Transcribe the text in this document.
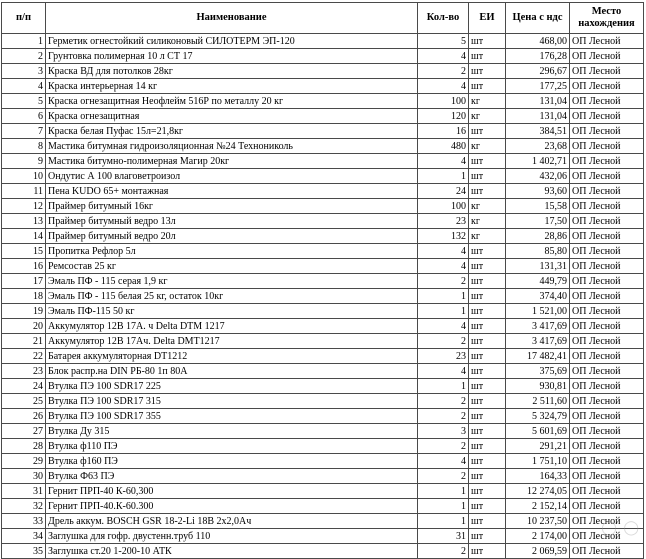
п/п	Наименование	Кол-во	ЕИ	Цена с ндс	Место нахождения
1	Герметик огнестойкий силиконовый СИЛОТЕРМ ЭП-120	5	шт	468,00	ОП Лесной
2	Грунтовка полимерная 10 л СТ 17	4	шт	176,28	ОП Лесной
3	Краска ВД для потолков 28кг	2	шт	296,67	ОП Лесной
4	Краска интерьерная 14 кг	4	шт	177,25	ОП Лесной
5	Краска огнезащитная Неофлейм 516Р по металлу 20 кг	100	кг	131,04	ОП Лесной
6	Краска огнезащитная	120	кг	131,04	ОП Лесной
7	Краска белая Пуфас 15л=21,8кг	16	шт	384,51	ОП Лесной
8	Мастика битумная гидроизоляционная №24 Технониколь	480	кг	23,68	ОП Лесной
9	Мастика битумно-полимерная Магир 20кг	4	шт	1 402,71	ОП Лесной
10	Ондутис А 100 влаговетроизол	1	шт	432,06	ОП Лесной
11	Пена KUDO 65+ монтажная	24	шт	93,60	ОП Лесной
12	Праймер битумный 16кг	100	кг	15,58	ОП Лесной
13	Праймер битумный ведро 13л	23	кг	17,50	ОП Лесной
14	Праймер битумный ведро 20л	132	кг	28,86	ОП Лесной
15	Пропитка Рефлор 5л	4	шт	85,80	ОП Лесной
16	Ремсостав 25 кг	4	шт	131,31	ОП Лесной
17	Эмаль ПФ - 115 серая 1,9 кг	2	шт	449,79	ОП Лесной
18	Эмаль ПФ - 115 белая 25 кг, остаток 10кг	1	шт	374,40	ОП Лесной
19	Эмаль ПФ-115 50 кг	1	шт	1 521,00	ОП Лесной
20	Аккумулятор 12В 17А. ч Delta DTM 1217	4	шт	3 417,69	ОП Лесной
21	Аккумулятор 12В 17Ач. Delta DMT1217	2	шт	3 417,69	ОП Лесной
22	Батарея аккумуляторная DT1212	23	шт	17 482,41	ОП Лесной
23	Блок распр.на DIN РБ-80 1п 80А	4	шт	375,69	ОП Лесной
24	Втулка ПЭ 100 SDR17 225	1	шт	930,81	ОП Лесной
25	Втулка ПЭ 100 SDR17 315	2	шт	2 511,60	ОП Лесной
26	Втулка ПЭ 100 SDR17 355	2	шт	5 324,79	ОП Лесной
27	Втулка Ду 315	3	шт	5 601,69	ОП Лесной
28	Втулка ф110 ПЭ	2	шт	291,21	ОП Лесной
29	Втулка ф160 ПЭ	4	шт	1 751,10	ОП Лесной
30	Втулка Ф63 ПЭ	2	шт	164,33	ОП Лесной
31	Гернит ПРП-40 К-60,300	1	шт	12 274,05	ОП Лесной
32	Гернит ПРП-40.К-60.300	1	шт	2 152,14	ОП Лесной
33	Дрель аккум. BOSCH GSR 18-2-Li 18В 2х2,0Ач	1	шт	10 237,50	ОП Лесной
34	Заглушка для гофр. двустенн.труб 110	31	шт	2 174,00	ОП Лесной
35	Заглушка ст.20 1-200-10 АТК	2	шт	2 069,59	ОП Лесной
◯ ◯
